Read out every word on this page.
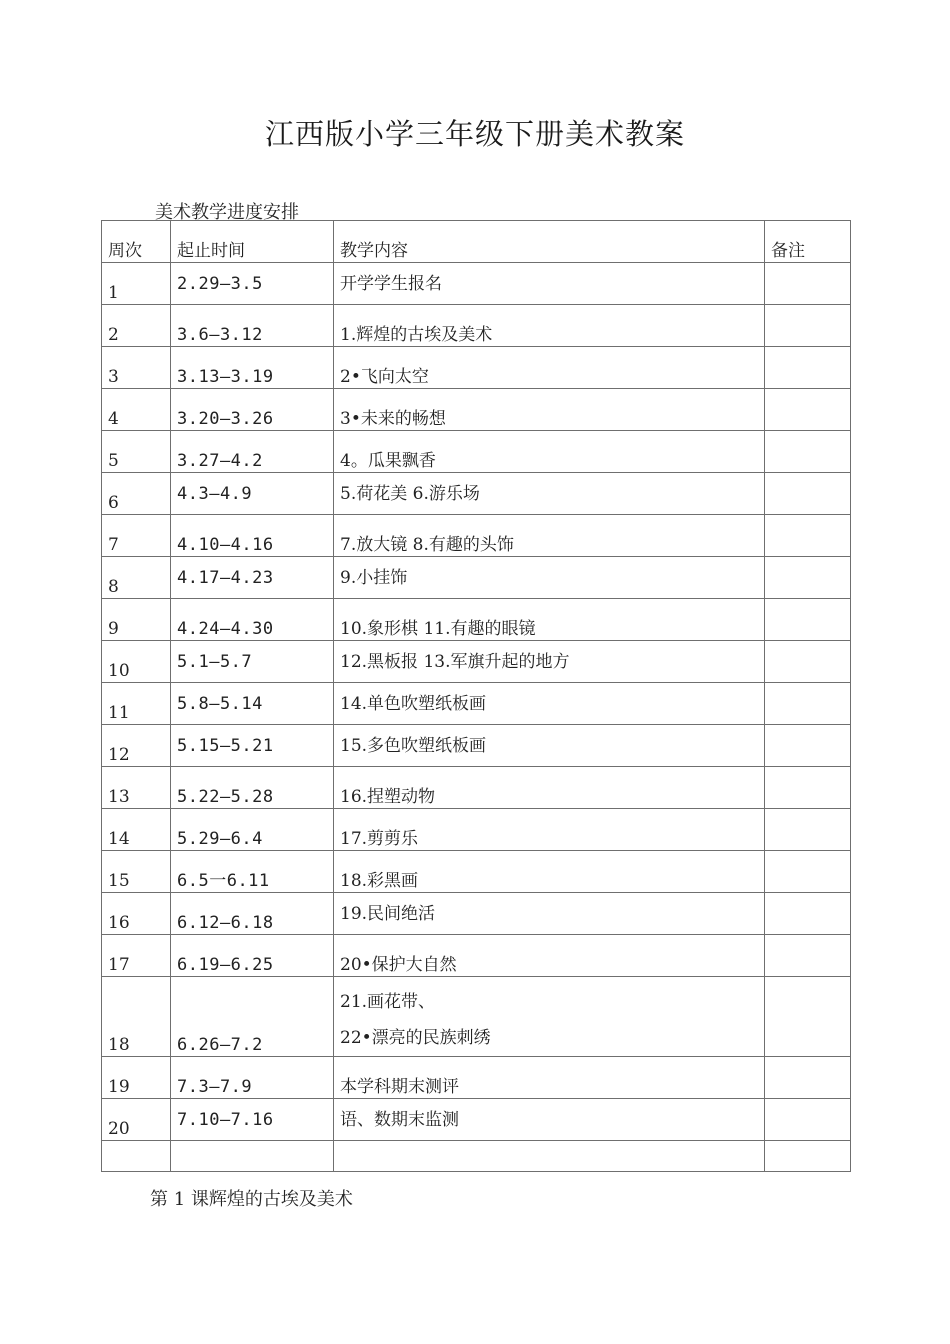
江西版小学三年级下册美术教案
美术教学进度安排
周次	起止时间	教学内容	备注
1	2.29—3.5	开学学生报名	
2	3.6—3.12	1.辉煌的古埃及美术	
3	3.13—3.19	2•飞向太空	
4	3.20—3.26	3•未来的畅想	
5	3.27—4.2	4。瓜果飘香	
6	4.3—4.9	5.荷花美 6.游乐场	
7	4.10—4.16	7.放大镜 8.有趣的头饰	
8	4.17—4.23	9.小挂饰	
9	4.24—4.30	10.象形棋 11.有趣的眼镜	
10	5.1—5.7	12.黑板报 13.军旗升起的地方	
11	5.8—5.14	14.单色吹塑纸板画	
12	5.15—5.21	15.多色吹塑纸板画	
13	5.22—5.28	16.捏塑动物	
14	5.29—6.4	17.剪剪乐	
15	6.5一6.11	18.彩黑画	
16	6.12—6.18	19.民间绝活	
17	6.19—6.25	20•保护大自然	
18	6.26—7.2	21.画花带、
22•漂亮的民族刺绣	

19	7.3—7.9	本学科期末测评	
20	7.10—7.16	语、数期末监测	

第 1 课辉煌的古埃及美术
